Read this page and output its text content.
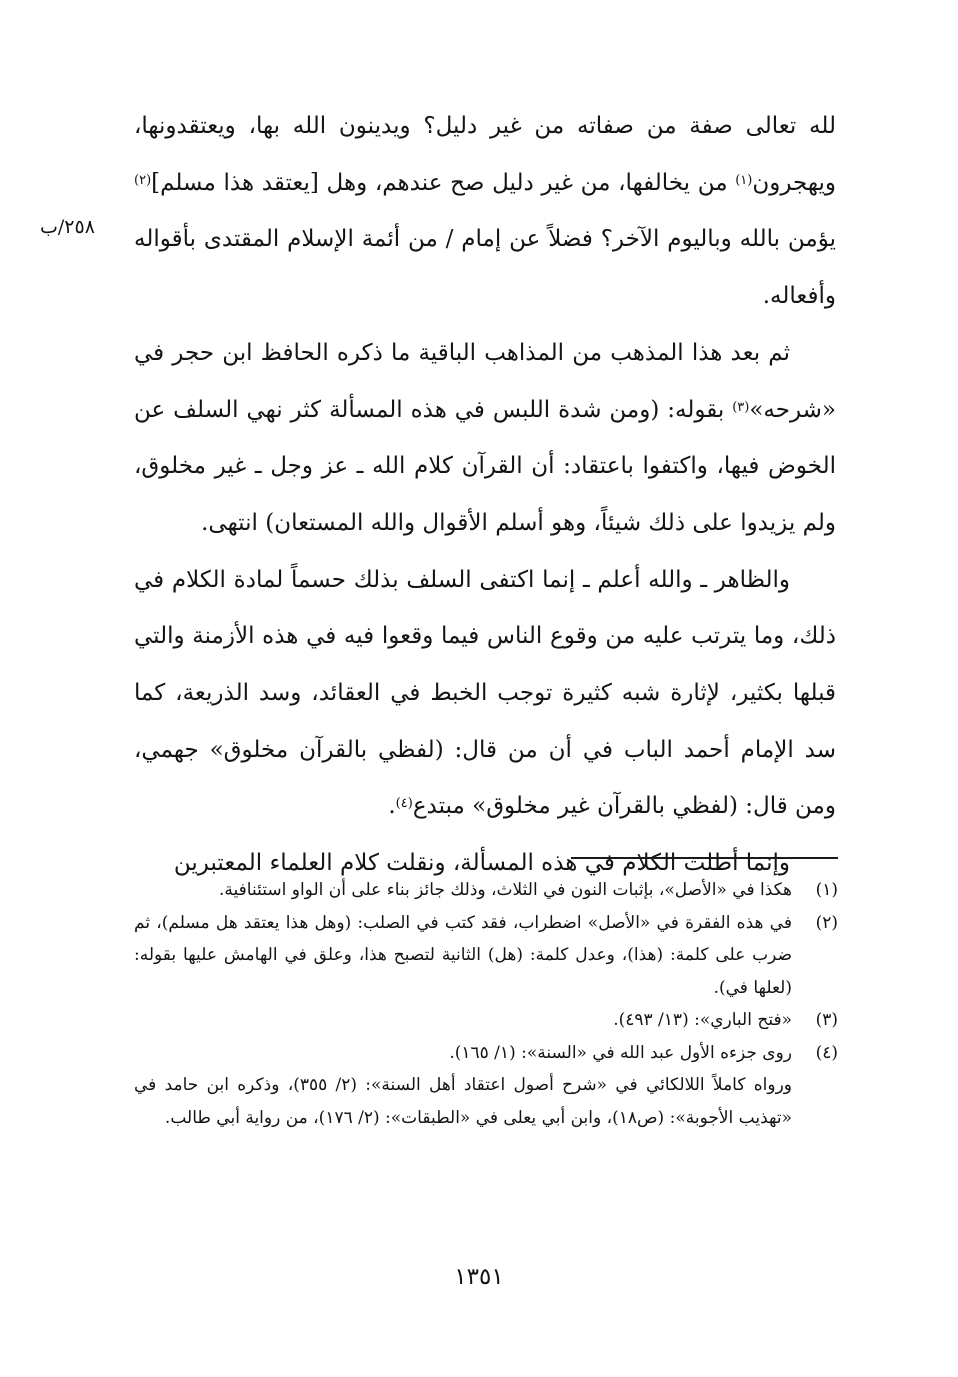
لله تعالى صفة من صفاته من غير دليل؟ ويدينون الله بها، ويعتقدونها، ويهجرون$^{(١)}$ من يخالفها، من غير دليل صح عندهم، وهل [يعتقد هذا مسلم]$^{(٢)}$ يؤمن بالله وباليوم الآخر؟ فضلاً عن إمام / من أئمة الإسلام المقتدى بأقواله وأفعاله.

ثم بعد هذا المذهب من المذاهب الباقية ما ذكره الحافظ ابن حجر في «شرحه»$^{(٣)}$ بقوله: (ومن شدة اللبس في هذه المسألة كثر نهي السلف عن الخوض فيها، واكتفوا باعتقاد: أن القرآن كلام الله ـ عز وجل ـ غير مخلوق، ولم يزيدوا على ذلك شيئاً، وهو أسلم الأقوال والله المستعان) انتهى.

والظاهر ـ والله أعلم ـ إنما اكتفى السلف بذلك حسماً لمادة الكلام في ذلك، وما يترتب عليه من وقوع الناس فيما وقعوا فيه في هذه الأزمنة والتي قبلها بكثير، لإثارة شبه كثيرة توجب الخبط في العقائد، وسد الذريعة، كما سد الإمام أحمد الباب في أن من قال: (لفظي بالقرآن مخلوق» جهمي، ومن قال: (لفظي بالقرآن غير مخلوق» مبتدع$^{(٤)}$.

وإنما أطلت الكلام في هذه المسألة، ونقلت كلام العلماء المعتبرين

٢٥٨/ب
(١)
هكذا في «الأصل»، بإثبات النون في الثلاث، وذلك جائز بناء على أن الواو استئنافية.
(٢)
في هذه الفقرة في «الأصل» اضطراب، فقد كتب في الصلب: (وهل هذا يعتقد هل مسلم)، ثم ضرب على كلمة: (هذا)، وعدل كلمة: (هل) الثانية لتصبح هذا، وعلق في الهامش عليها بقوله: (لعلها في).
(٣)
«فتح الباري»: (١٣/ ٤٩٣).
(٤)
روى جزءه الأول عبد الله في «السنة»: (١/ ١٦٥).
ورواه كاملاً اللالكائي في «شرح أصول اعتقاد أهل السنة»: (٢/ ٣٥٥)، وذكره ابن حامد في «تهذيب الأجوبة»: (ص١٨)، وابن أبي يعلى في «الطبقات»: (٢/ ١٧٦)، من رواية أبي طالب.
١٣٥١
